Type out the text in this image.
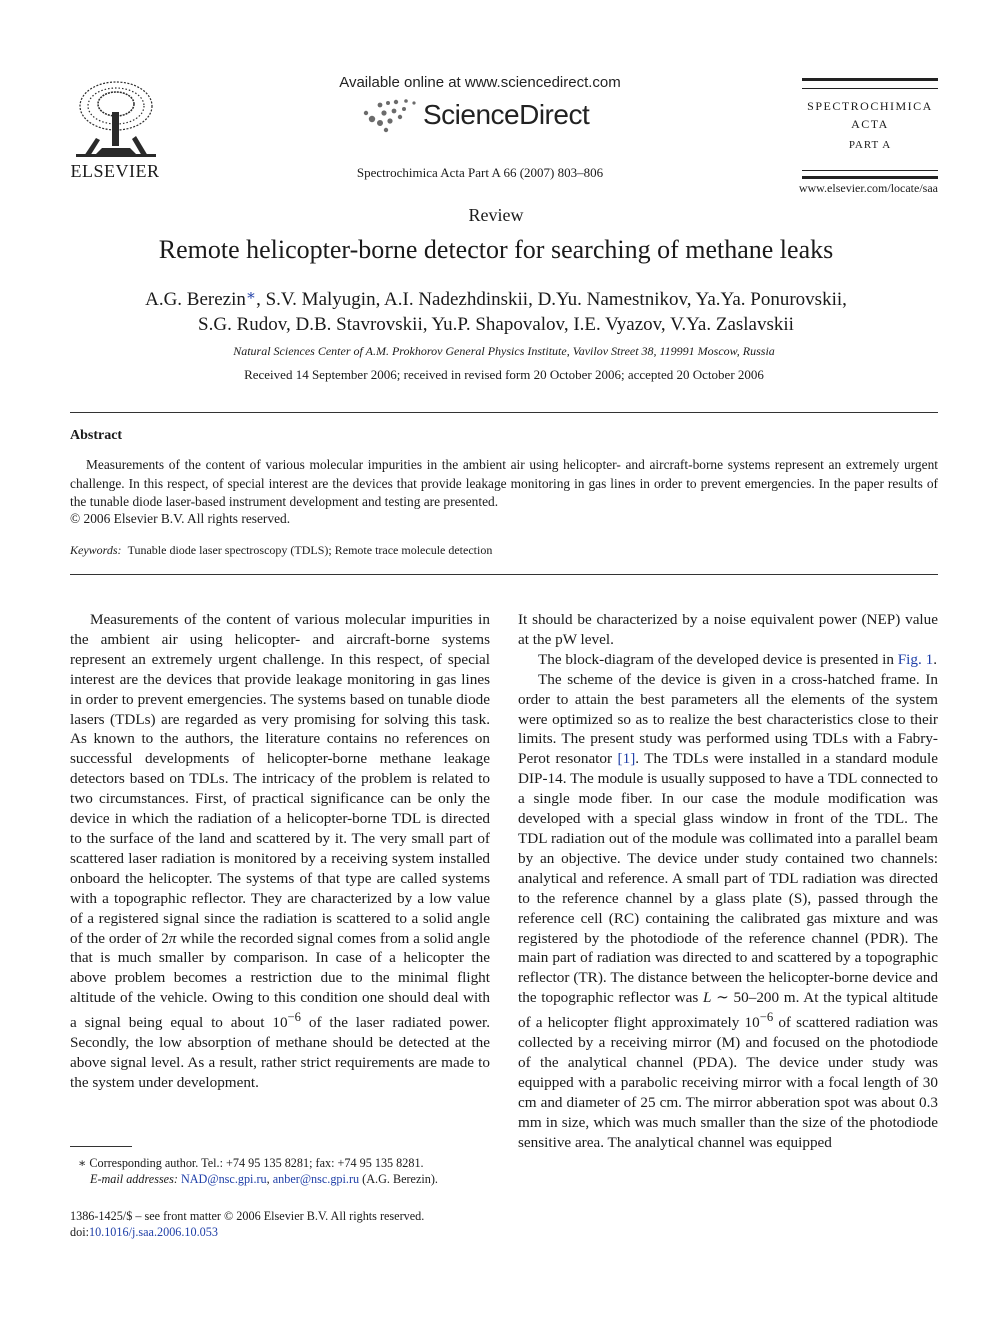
ELSEVIER
Available online at www.sciencedirect.com
ScienceDirect
Spectrochimica Acta Part A 66 (2007) 803–806
SPECTROCHIMICA
ACTA
PART A
www.elsevier.com/locate/saa
Review
Remote helicopter-borne detector for searching of methane leaks
A.G. Berezin∗, S.V. Malyugin, A.I. Nadezhdinskii, D.Yu. Namestnikov, Ya.Ya. Ponurovskii,
S.G. Rudov, D.B. Stavrovskii, Yu.P. Shapovalov, I.E. Vyazov, V.Ya. Zaslavskii
Natural Sciences Center of A.M. Prokhorov General Physics Institute, Vavilov Street 38, 119991 Moscow, Russia
Received 14 September 2006; received in revised form 20 October 2006; accepted 20 October 2006
Abstract

Measurements of the content of various molecular impurities in the ambient air using helicopter- and aircraft-borne systems represent an extremely urgent challenge. In this respect, of special interest are the devices that provide leakage monitoring in gas lines in order to prevent emergencies. In the paper results of the tunable diode laser-based instrument development and testing are presented.

© 2006 Elsevier B.V. All rights reserved.
Keywords: Tunable diode laser spectroscopy (TDLS); Remote trace molecule detection

Measurements of the content of various molecular impurities in the ambient air using helicopter- and aircraft-borne systems represent an extremely urgent challenge. In this respect, of special interest are the devices that provide leakage monitoring in gas lines in order to prevent emergencies. The systems based on tunable diode lasers (TDLs) are regarded as very promising for solving this task. As known to the authors, the literature contains no references on successful developments of helicopter-borne methane leakage detectors based on TDLs. The intricacy of the problem is related to two circumstances. First, of practical significance can be only the device in which the radiation of a helicopter-borne TDL is directed to the surface of the land and scattered by it. The very small part of scattered laser radiation is monitored by a receiving system installed onboard the helicopter. The systems of that type are called systems with a topographic reflector. They are characterized by a low value of a registered signal since the radiation is scattered to a solid angle of the order of 2π while the recorded signal comes from a solid angle that is much smaller by comparison. In case of a helicopter the above problem becomes a restriction due to the minimal flight altitude of the vehicle. Owing to this condition one should deal with a signal being equal to about $10^{-6}$ of the laser radiated power. Secondly, the low absorption of methane should be detected at the above signal level. As a result, rather strict requirements are made to the system under development.

It should be characterized by a noise equivalent power (NEP) value at the pW level.

The block-diagram of the developed device is presented in Fig. 1.

The scheme of the device is given in a cross-hatched frame. In order to attain the best parameters all the elements of the system were optimized so as to realize the best characteristics close to their limits. The present study was performed using TDLs with a Fabry-Perot resonator [1]. The TDLs were installed in a standard module DIP-14. The module is usually supposed to have a TDL connected to a single mode fiber. In our case the module modification was developed with a special glass window in front of the TDL. The TDL radiation out of the module was collimated into a parallel beam by an objective. The device under study contained two channels: analytical and reference. A small part of TDL radiation was directed to the reference channel by a glass plate (S), passed through the reference cell (RC) containing the calibrated gas mixture and was registered by the photodiode of the reference channel (PDR). The main part of radiation was directed to and scattered by a topographic reflector (TR). The distance between the helicopter-borne device and the topographic reflector was L ∼ 50–200 m. At the typical altitude of a helicopter flight approximately $10^{-6}$ of scattered radiation was collected by a receiving mirror (M) and focused on the photodiode of the analytical channel (PDA). The device under study was equipped with a parabolic receiving mirror with a focal length of 30 cm and diameter of 25 cm. The mirror abberation spot was about 0.3 mm in size, which was much smaller than the size of the photodiode sensitive area. The analytical channel was equipped

∗ Corresponding author. Tel.: +74 95 135 8281; fax: +74 95 135 8281.
E-mail addresses: NAD@nsc.gpi.ru, anber@nsc.gpi.ru (A.G. Berezin).
1386-1425/$ – see front matter © 2006 Elsevier B.V. All rights reserved.
doi:10.1016/j.saa.2006.10.053
